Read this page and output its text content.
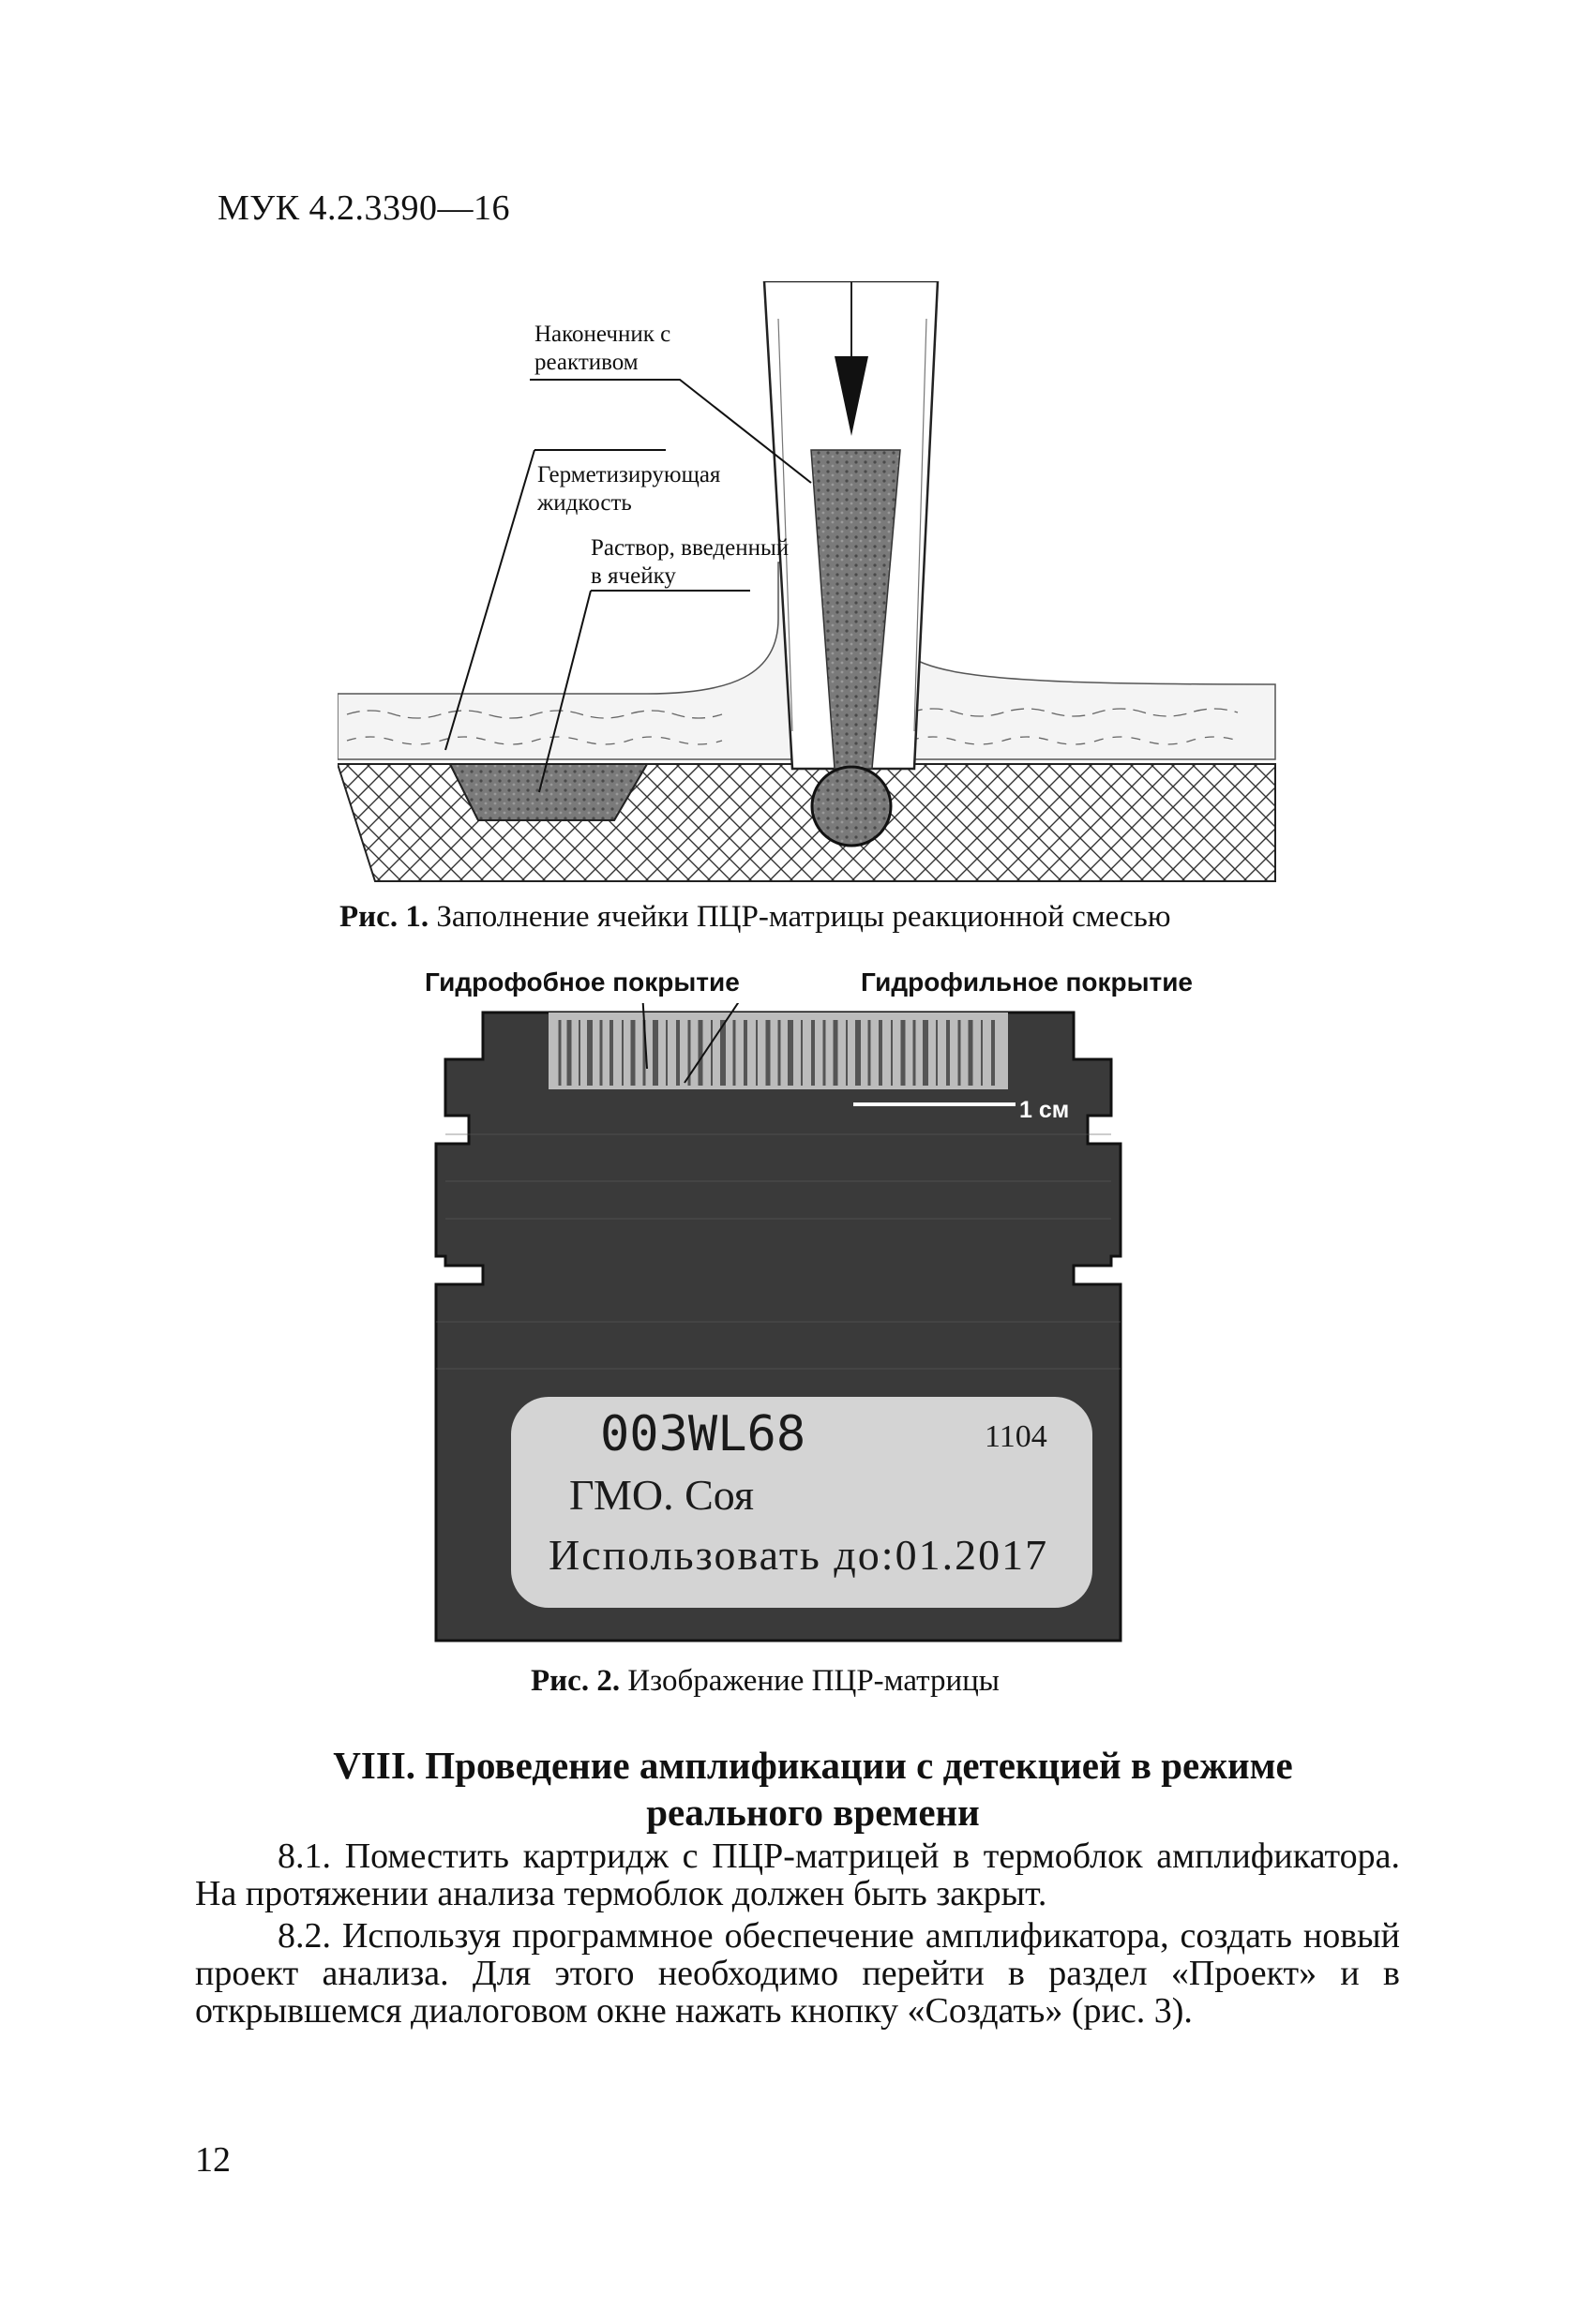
МУК 4.2.3390—16
Наконечник с
реактивом
Герметизирующая
жидкость
Раствор, введенный
в ячейку
Рис. 1. Заполнение ячейки ПЦР-матрицы реакционной смесью
Гидрофобное покрытие	Гидрофильное покрытие
1 см
003WL68	1104
ГМО. Соя
Использовать до:01.2017
Рис. 2. Изображение ПЦР-матрицы
VIII. Проведение амплификации с детекцией в режиме
реального времени
8.1. Поместить картридж с ПЦР-матрицей в термоблок амплификатора. На протяжении анализа термоблок должен быть закрыт.
8.2. Используя программное обеспечение амплификатора, создать новый проект анализа. Для этого необходимо перейти в раздел «Проект» и в открывшемся диалоговом окне нажать кнопку «Создать» (рис. 3).
12
